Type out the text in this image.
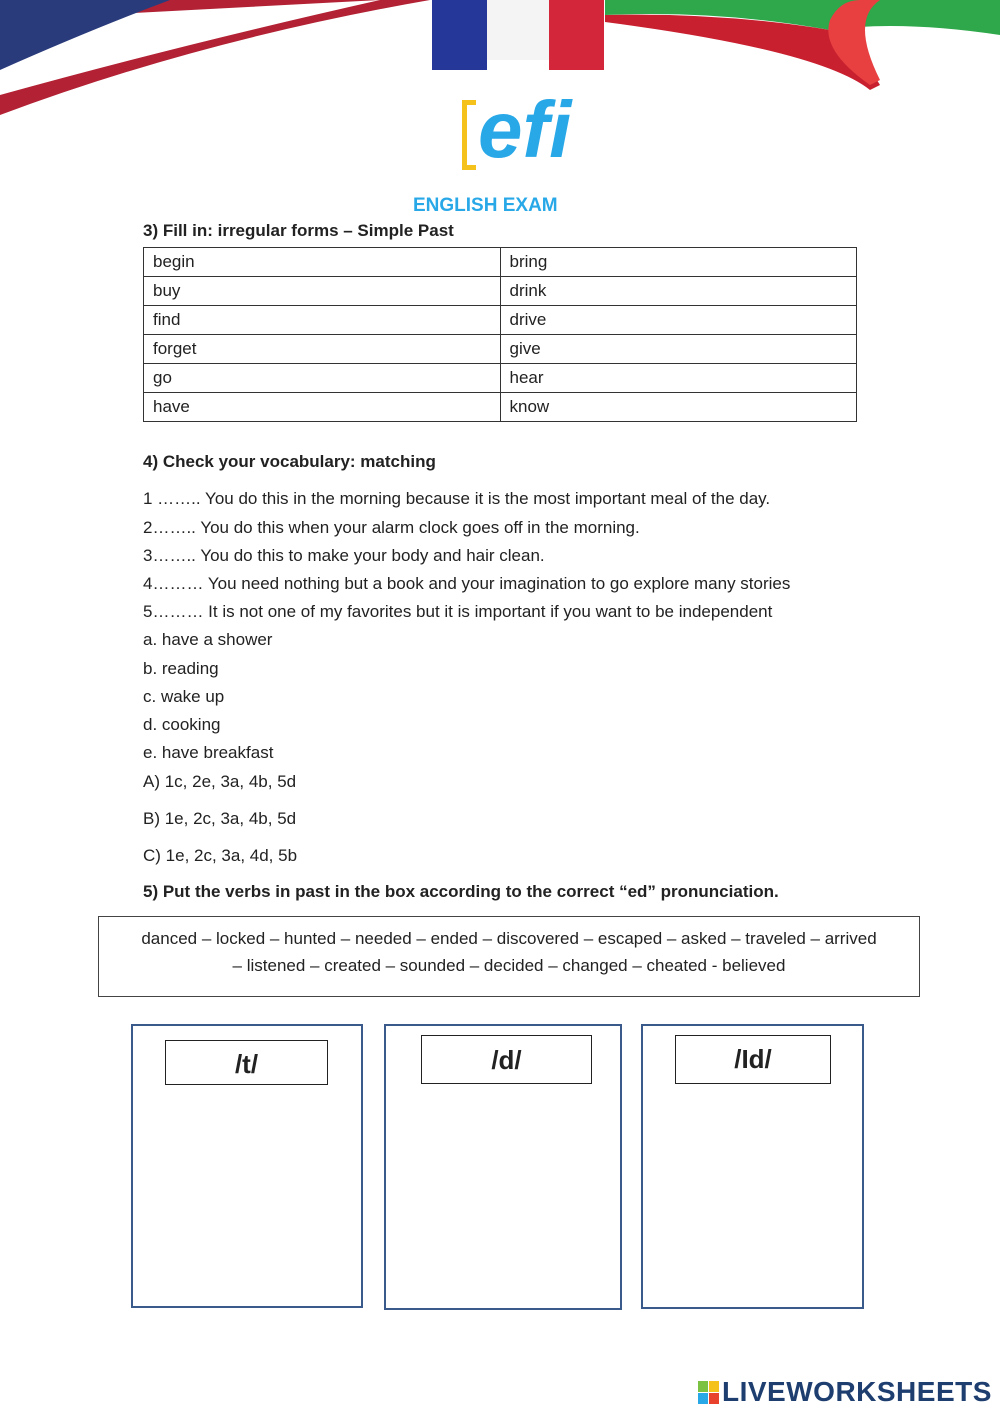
efi
ENGLISH EXAM
3) Fill in: irregular forms – Simple Past
begin	bring
buy	drink
find	drive
forget	give
go	hear
have	know
4) Check your vocabulary: matching
1 …….. You do this in the morning because it is the most important meal of the day.
2…….. You do this when your alarm clock goes off in the morning.
3…….. You do this to make your body and hair clean.
4……… You need nothing but a book and your imagination to go explore many stories
5……… It is not one of my favorites but it is important if you want to be independent
a. have a shower
b. reading
c. wake up
d. cooking
e. have breakfast
A) 1c, 2e, 3a, 4b, 5d
B) 1e, 2c, 3a, 4b, 5d
C) 1e, 2c, 3a, 4d, 5b
5) Put the verbs in past in the box according to the correct “ed” pronunciation.
danced – locked – hunted – needed – ended – discovered – escaped – asked – traveled – arrived
– listened – created – sounded – decided – changed – cheated - believed
/t/	/d/	/Id/
LIVEWORKSHEETS
